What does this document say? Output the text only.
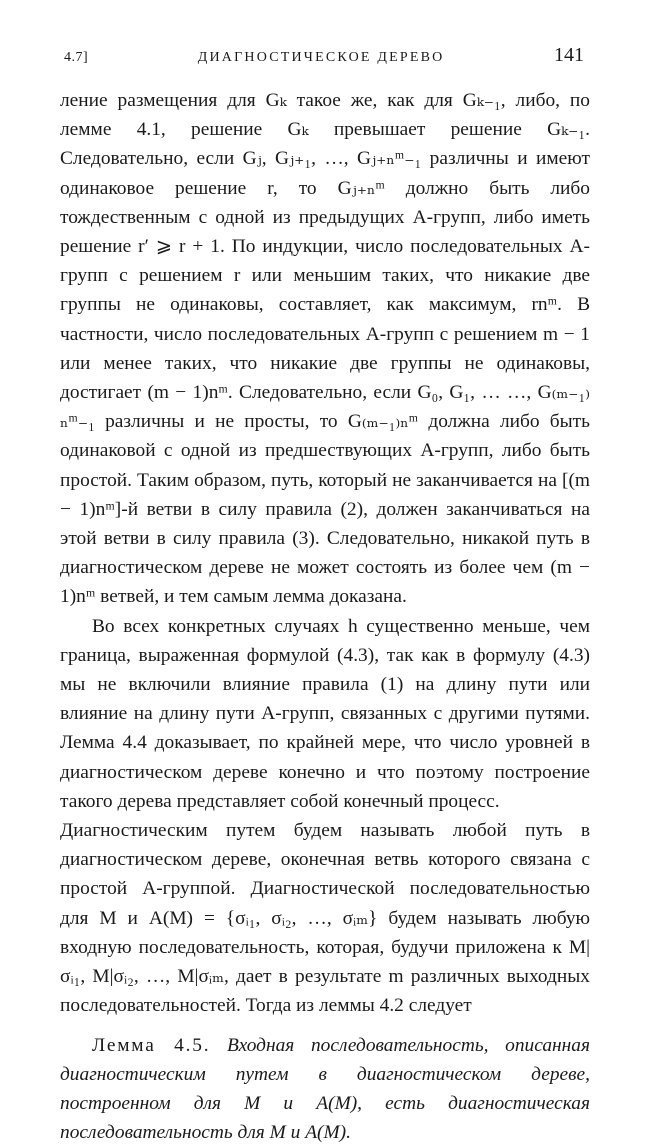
4.7]	ДИАГНОСТИЧЕСКОЕ ДЕРЕВО	141

ление размещения для Gₖ такое же, как для Gₖ₋₁, либо, по лемме 4.1, решение Gₖ превышает решение Gₖ₋₁. Следовательно, если Gⱼ, Gⱼ₊₁, …, Gⱼ₊ₙᵐ₋₁ различны и имеют одинаковое решение r, то Gⱼ₊ₙᵐ должно быть либо тождественным с одной из предыдущих A-групп, либо иметь решение r′ ⩾ r + 1. По индукции, число последовательных A-групп с решением r или меньшим таких, что никакие две группы не одинаковы, составляет, как максимум, rnᵐ. В частности, число последовательных A-групп с решением m − 1 или менее таких, что никакие две группы не одинаковы, достигает (m − 1)nᵐ. Следовательно, если G₀, G₁, … …, G₍ₘ₋₁₎ₙᵐ₋₁ различны и не просты, то G₍ₘ₋₁₎ₙᵐ должна либо быть одинаковой с одной из предшествующих A-групп, либо быть простой. Таким образом, путь, который не заканчивается на [(m − 1)nᵐ]-й ветви в силу правила (2), должен заканчиваться на этой ветви в силу правила (3). Следовательно, никакой путь в диагностическом дереве не может состоять из более чем (m − 1)nᵐ ветвей, и тем самым лемма доказана.

Во всех конкретных случаях h существенно меньше, чем граница, выраженная формулой (4.3), так как в формулу (4.3) мы не включили влияние правила (1) на длину пути или влияние на длину пути A-групп, связанных с другими путями. Лемма 4.4 доказывает, по крайней мере, что число уровней в диагностическом дереве конечно и что поэтому построение такого дерева представляет собой конечный процесс.

Диагностическим путем будем называть любой путь в диагностическом дереве, оконечная ветвь которого связана с простой A-группой. Диагностической последовательностью для M и A(M) = {σᵢ₁, σᵢ₂, …, σᵢₘ} будем называть любую входную последовательность, которая, будучи приложена к M|σᵢ₁, M|σᵢ₂, …, M|σᵢₘ, дает в результате m различных выходных последовательностей. Тогда из леммы 4.2 следует

Лемма 4.5. Входная последовательность, описанная диагностическим путем в диагностическом дереве, построенном для M и A(M), есть диагностическая последовательность для M и A(M).
